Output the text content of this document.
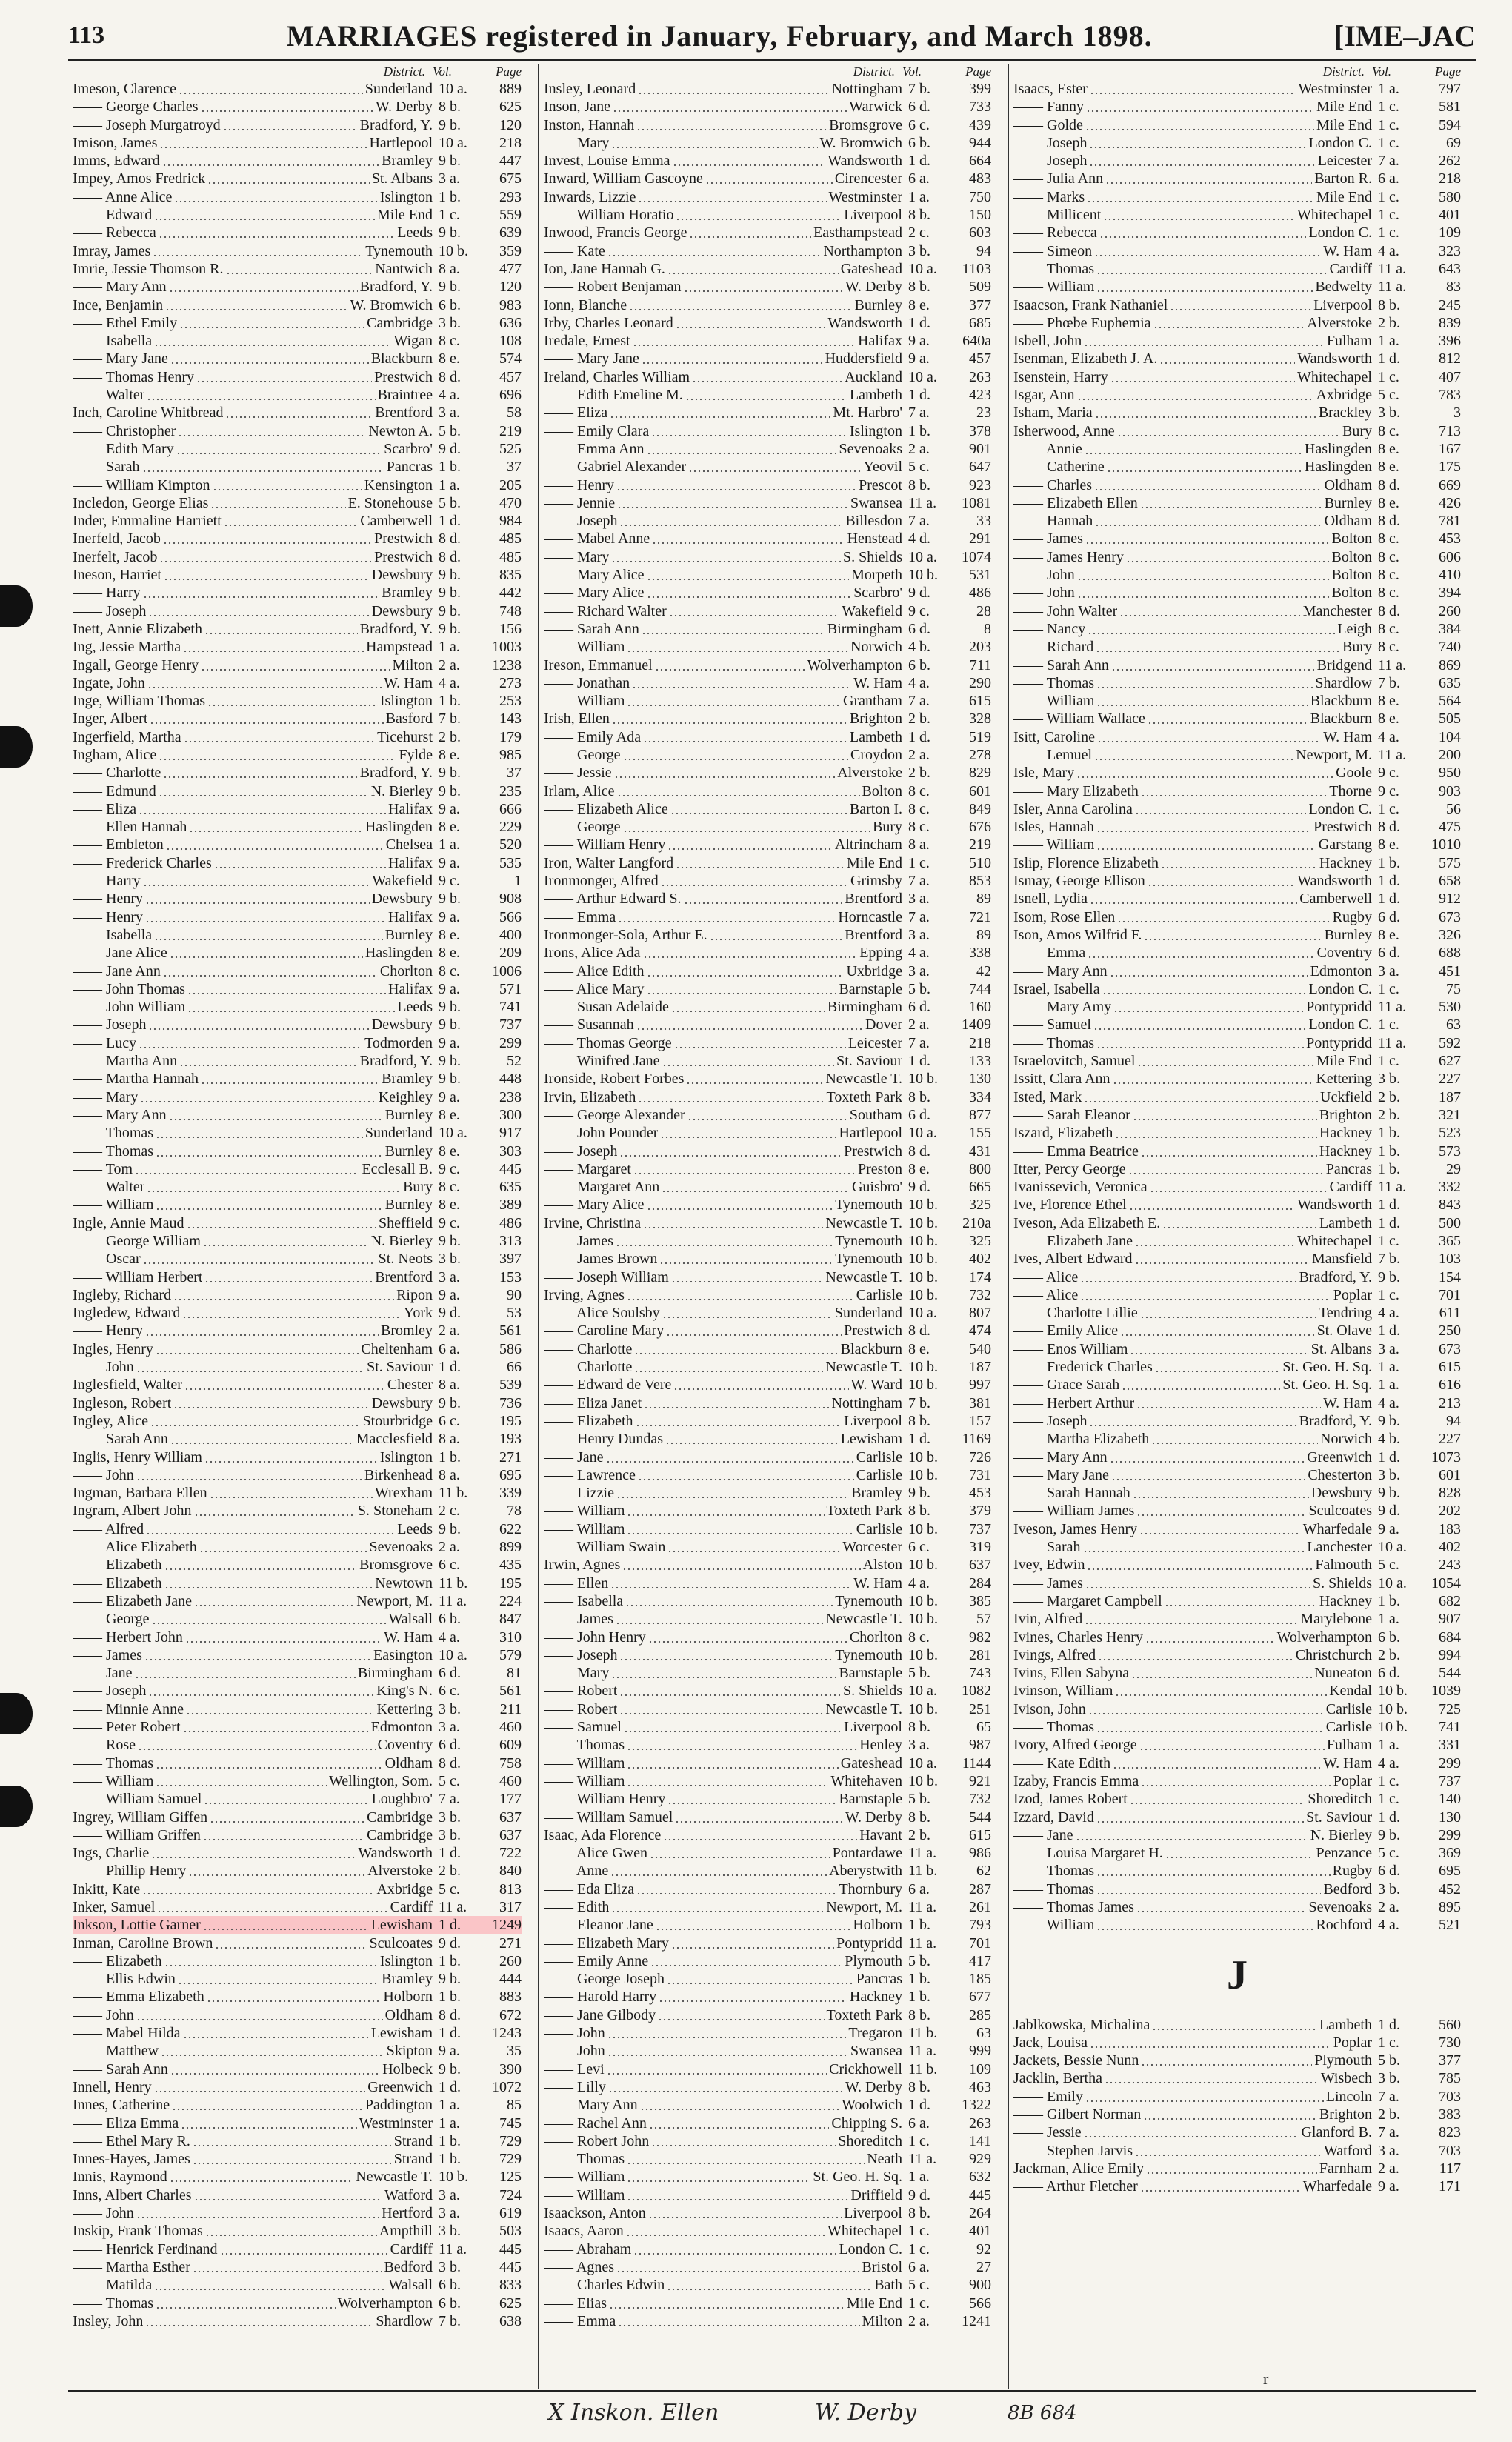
113	MARRIAGES registered in January, February, and March 1898.	[IME–JAC
District. Vol.	Page
Imeson, Clarence	Sunderland 10 a.	889
—— George Charles	W. Derby 8 b.	625
—— Joseph Murgatroyd	Bradford, Y. 9 b.	120
Imison, James	Hartlepool 10 a.	218
Imms, Edward	Bramley 9 b.	447
Impey, Amos Fredrick	St. Albans 3 a.	675
—— Anne Alice	Islington 1 b.	293
—— Edward	Mile End 1 c.	559
—— Rebecca	Leeds 9 b.	639
Imray, James	Tynemouth 10 b.	359
Imrie, Jessie Thomson R.	Nantwich 8 a.	477
—— Mary Ann	Bradford, Y. 9 b.	120
Ince, Benjamin	W. Bromwich 6 b.	983
—— Ethel Emily	Cambridge 3 b.	636
—— Isabella	Wigan 8 c.	108
—— Mary Jane	Blackburn 8 e.	574
—— Thomas Henry	Prestwich 8 d.	457
—— Walter	Braintree 4 a.	696
Inch, Caroline Whitbread	Brentford 3 a.	58
—— Christopher	Newton A. 5 b.	219
—— Edith Mary	Scarbro' 9 d.	525
—— Sarah	Pancras 1 b.	37
—— William Kimpton	Kensington 1 a.	205
Incledon, George Elias	E. Stonehouse 5 b.	470
Inder, Emmaline Harriett	Camberwell 1 d.	984
Inerfeld, Jacob	Prestwich 8 d.	485
Inerfelt, Jacob	Prestwich 8 d.	485
Ineson, Harriet	Dewsbury 9 b.	835
—— Harry	Bramley 9 b.	442
—— Joseph	Dewsbury 9 b.	748
Inett, Annie Elizabeth	Bradford, Y. 9 b.	156
Ing, Jessie Martha	Hampstead 1 a.	1003
Ingall, George Henry	Milton 2 a.	1238
Ingate, John	W. Ham 4 a.	273
Inge, William Thomas	Islington 1 b.	253
Inger, Albert	Basford 7 b.	143
Ingerfield, Martha	Ticehurst 2 b.	179
Ingham, Alice	Fylde 8 e.	985
—— Charlotte	Bradford, Y. 9 b.	37
—— Edmund	N. Bierley 9 b.	235
—— Eliza	Halifax 9 a.	666
—— Ellen Hannah	Haslingden 8 e.	229
—— Embleton	Chelsea 1 a.	520
—— Frederick Charles	Halifax 9 a.	535
—— Harry	Wakefield 9 c.	1
—— Henry	Dewsbury 9 b.	908
—— Henry	Halifax 9 a.	566
—— Isabella	Burnley 8 e.	400
—— Jane Alice	Haslingden 8 e.	209
—— Jane Ann	Chorlton 8 c.	1006
—— John Thomas	Halifax 9 a.	571
—— John William	Leeds 9 b.	741
—— Joseph	Dewsbury 9 b.	737
—— Lucy	Todmorden 9 a.	299
—— Martha Ann	Bradford, Y. 9 b.	52
—— Martha Hannah	Bramley 9 b.	448
—— Mary	Keighley 9 a.	238
—— Mary Ann	Burnley 8 e.	300
—— Thomas	Sunderland 10 a.	917
—— Thomas	Burnley 8 e.	303
—— Tom	Ecclesall B. 9 c.	445
—— Walter	Bury 8 c.	635
—— William	Burnley 8 e.	389
Ingle, Annie Maud	Sheffield 9 c.	486
—— George William	N. Bierley 9 b.	313
—— Oscar	St. Neots 3 b.	397
—— William Herbert	Brentford 3 a.	153
Ingleby, Richard	Ripon 9 a.	90
Ingledew, Edward	York 9 d.	53
—— Henry	Bromley 2 a.	561
Ingles, Henry	Cheltenham 6 a.	586
—— John	St. Saviour 1 d.	66
Inglesfield, Walter	Chester 8 a.	539
Ingleson, Robert	Dewsbury 9 b.	736
Ingley, Alice	Stourbridge 6 c.	195
—— Sarah Ann	Macclesfield 8 a.	193
Inglis, Henry William	Islington 1 b.	271
—— John	Birkenhead 8 a.	695
Ingman, Barbara Ellen	Wrexham 11 b.	339
Ingram, Albert John	S. Stoneham 2 c.	78
—— Alfred	Leeds 9 b.	622
—— Alice Elizabeth	Sevenoaks 2 a.	899
—— Elizabeth	Bromsgrove 6 c.	435
—— Elizabeth	Newtown 11 b.	195
—— Elizabeth Jane	Newport, M. 11 a.	224
—— George	Walsall 6 b.	847
—— Herbert John	W. Ham 4 a.	310
—— James	Easington 10 a.	579
—— Jane	Birmingham 6 d.	81
—— Joseph	King's N. 6 c.	561
—— Minnie Anne	Kettering 3 b.	211
—— Peter Robert	Edmonton 3 a.	460
—— Rose	Coventry 6 d.	609
—— Thomas	Oldham 8 d.	758
—— William	Wellington, Som. 5 c.	460
—— William Samuel	Loughbro' 7 a.	177
Ingrey, William Giffen	Cambridge 3 b.	637
—— William Griffen	Cambridge 3 b.	637
Ings, Charlie	Wandsworth 1 d.	722
—— Phillip Henry	Alverstoke 2 b.	840
Inkitt, Kate	Axbridge 5 c.	813
Inker, Samuel	Cardiff 11 a.	317
Inkson, Lottie Garner	Lewisham 1 d.	1249
Inman, Caroline Brown	Sculcoates 9 d.	271
—— Elizabeth	Islington 1 b.	260
—— Ellis Edwin	Bramley 9 b.	444
—— Emma Elizabeth	Holborn 1 b.	883
—— John	Oldham 8 d.	672
—— Mabel Hilda	Lewisham 1 d.	1243
—— Matthew	Skipton 9 a.	35
—— Sarah Ann	Holbeck 9 b.	390
Innell, Henry	Greenwich 1 d.	1072
Innes, Catherine	Paddington 1 a.	85
—— Eliza Emma	Westminster 1 a.	745
—— Ethel Mary R.	Strand 1 b.	729
Innes-Hayes, James	Strand 1 b.	729
Innis, Raymond	Newcastle T. 10 b.	125
Inns, Albert Charles	Watford 3 a.	724
—— John	Hertford 3 a.	619
Inskip, Frank Thomas	Ampthill 3 b.	503
—— Henrick Ferdinand	Cardiff 11 a.	445
—— Martha Esther	Bedford 3 b.	445
—— Matilda	Walsall 6 b.	833
—— Thomas	Wolverhampton 6 b.	625
Insley, John	Shardlow 7 b.	638
District. Vol.	Page
Insley, Leonard	Nottingham 7 b.	399
Inson, Jane	Warwick 6 d.	733
Inston, Hannah	Bromsgrove 6 c.	439
—— Mary	W. Bromwich 6 b.	944
Invest, Louise Emma	Wandsworth 1 d.	664
Inward, William Gascoyne	Cirencester 6 a.	483
Inwards, Lizzie	Westminster 1 a.	750
—— William Horatio	Liverpool 8 b.	150
Inwood, Francis George	Easthampstead 2 c.	603
—— Kate	Northampton 3 b.	94
Ion, Jane Hannah G.	Gateshead 10 a.	1103
—— Robert Benjaman	W. Derby 8 b.	509
Ionn, Blanche	Burnley 8 e.	377
Irby, Charles Leonard	Wandsworth 1 d.	685
Iredale, Ernest	Halifax 9 a.	640a
—— Mary Jane	Huddersfield 9 a.	457
Ireland, Charles William	Auckland 10 a.	263
—— Edith Emeline M.	Lambeth 1 d.	423
—— Eliza	Mt. Harbro' 7 a.	23
—— Emily Clara	Islington 1 b.	378
—— Emma Ann	Sevenoaks 2 a.	901
—— Gabriel Alexander	Yeovil 5 c.	647
—— Henry	Prescot 8 b.	923
—— Jennie	Swansea 11 a.	1081
—— Joseph	Billesdon 7 a.	33
—— Mabel Anne	Henstead 4 d.	291
—— Mary	S. Shields 10 a.	1074
—— Mary Alice	Morpeth 10 b.	531
—— Mary Alice	Scarbro' 9 d.	486
—— Richard Walter	Wakefield 9 c.	28
—— Sarah Ann	Birmingham 6 d.	8
—— William	Norwich 4 b.	203
Ireson, Emmanuel	Wolverhampton 6 b.	711
—— Jonathan	W. Ham 4 a.	290
—— William	Grantham 7 a.	615
Irish, Ellen	Brighton 2 b.	328
—— Emily Ada	Lambeth 1 d.	519
—— George	Croydon 2 a.	278
—— Jessie	Alverstoke 2 b.	829
Irlam, Alice	Bolton 8 c.	601
—— Elizabeth Alice	Barton I. 8 c.	849
—— George	Bury 8 c.	676
—— William Henry	Altrincham 8 a.	219
Iron, Walter Langford	Mile End 1 c.	510
Ironmonger, Alfred	Grimsby 7 a.	853
—— Arthur Edward S.	Brentford 3 a.	89
—— Emma	Horncastle 7 a.	721
Ironmonger-Sola, Arthur E.	Brentford 3 a.	89
Irons, Alice Ada	Epping 4 a.	338
—— Alice Edith	Uxbridge 3 a.	42
—— Alice Mary	Barnstaple 5 b.	744
—— Susan Adelaide	Birmingham 6 d.	160
—— Susannah	Dover 2 a.	1409
—— Thomas George	Leicester 7 a.	218
—— Winifred Jane	St. Saviour 1 d.	133
Ironside, Robert Forbes	Newcastle T. 10 b.	130
Irvin, Elizabeth	Toxteth Park 8 b.	334
—— George Alexander	Southam 6 d.	877
—— John Pounder	Hartlepool 10 a.	155
—— Joseph	Prestwich 8 d.	431
—— Margaret	Preston 8 e.	800
—— Margaret Ann	Guisbro' 9 d.	665
—— Mary Alice	Tynemouth 10 b.	325
Irvine, Christina	Newcastle T. 10 b.	210a
—— James	Tynemouth 10 b.	325
—— James Brown	Tynemouth 10 b.	402
—— Joseph William	Newcastle T. 10 b.	174
Irving, Agnes	Carlisle 10 b.	732
—— Alice Soulsby	Sunderland 10 a.	807
—— Caroline Mary	Prestwich 8 d.	474
—— Charlotte	Blackburn 8 e.	540
—— Charlotte	Newcastle T. 10 b.	187
—— Edward de Vere	W. Ward 10 b.	997
—— Eliza Janet	Nottingham 7 b.	381
—— Elizabeth	Liverpool 8 b.	157
—— Henry Dundas	Lewisham 1 d.	1169
—— Jane	Carlisle 10 b.	726
—— Lawrence	Carlisle 10 b.	731
—— Lizzie	Bramley 9 b.	453
—— William	Toxteth Park 8 b.	379
—— William	Carlisle 10 b.	737
—— William Swain	Worcester 6 c.	319
Irwin, Agnes	Alston 10 b.	637
—— Ellen	W. Ham 4 a.	284
—— Isabella	Tynemouth 10 b.	385
—— James	Newcastle T. 10 b.	57
—— John Henry	Chorlton 8 c.	982
—— Joseph	Tynemouth 10 b.	281
—— Mary	Barnstaple 5 b.	743
—— Robert	S. Shields 10 a.	1082
—— Robert	Newcastle T. 10 b.	251
—— Samuel	Liverpool 8 b.	65
—— Thomas	Henley 3 a.	987
—— William	Gateshead 10 a.	1144
—— William	Whitehaven 10 b.	921
—— William Henry	Barnstaple 5 b.	732
—— William Samuel	W. Derby 8 b.	544
Isaac, Ada Florence	Havant 2 b.	615
—— Alice Gwen	Pontardawe 11 a.	986
—— Anne	Aberystwith 11 b.	62
—— Eda Eliza	Thornbury 6 a.	287
—— Edith	Newport, M. 11 a.	261
—— Eleanor Jane	Holborn 1 b.	793
—— Elizabeth Mary	Pontypridd 11 a.	701
—— Emily Anne	Plymouth 5 b.	417
—— George Joseph	Pancras 1 b.	185
—— Harold Harry	Hackney 1 b.	677
—— Jane Gilbody	Toxteth Park 8 b.	285
—— John	Tregaron 11 b.	63
—— John	Swansea 11 a.	999
—— Levi	Crickhowell 11 b.	109
—— Lilly	W. Derby 8 b.	463
—— Mary Ann	Woolwich 1 d.	1322
—— Rachel Ann	Chipping S. 6 a.	263
—— Robert John	Shoreditch 1 c.	141
—— Thomas	Neath 11 a.	929
—— William	St. Geo. H. Sq. 1 a.	632
—— William	Driffield 9 d.	445
Isaackson, Anton	Liverpool 8 b.	264
Isaacs, Aaron	Whitechapel 1 c.	401
—— Abraham	London C. 1 c.	92
—— Agnes	Bristol 6 a.	27
—— Charles Edwin	Bath 5 c.	900
—— Elias	Mile End 1 c.	566
—— Emma	Milton 2 a.	1241
District. Vol.	Page
Isaacs, Ester	Westminster 1 a.	797
—— Fanny	Mile End 1 c.	581
—— Golde	Mile End 1 c.	594
—— Joseph	London C. 1 c.	69
—— Joseph	Leicester 7 a.	262
—— Julia Ann	Barton R. 6 a.	218
—— Marks	Mile End 1 c.	580
—— Millicent	Whitechapel 1 c.	401
—— Rebecca	London C. 1 c.	109
—— Simeon	W. Ham 4 a.	323
—— Thomas	Cardiff 11 a.	643
—— William	Bedwelty 11 a.	83
Isaacson, Frank Nathaniel	Liverpool 8 b.	245
—— Phœbe Euphemia	Alverstoke 2 b.	839
Isbell, John	Fulham 1 a.	396
Isenman, Elizabeth J. A.	Wandsworth 1 d.	812
Isenstein, Harry	Whitechapel 1 c.	407
Isgar, Ann	Axbridge 5 c.	783
Isham, Maria	Brackley 3 b.	3
Isherwood, Anne	Bury 8 c.	713
—— Annie	Haslingden 8 e.	167
—— Catherine	Haslingden 8 e.	175
—— Charles	Oldham 8 d.	669
—— Elizabeth Ellen	Burnley 8 e.	426
—— Hannah	Oldham 8 d.	781
—— James	Bolton 8 c.	453
—— James Henry	Bolton 8 c.	606
—— John	Bolton 8 c.	410
—— John	Bolton 8 c.	394
—— John Walter	Manchester 8 d.	260
—— Nancy	Leigh 8 c.	384
—— Richard	Bury 8 c.	740
—— Sarah Ann	Bridgend 11 a.	869
—— Thomas	Shardlow 7 b.	635
—— William	Blackburn 8 e.	564
—— William Wallace	Blackburn 8 e.	505
Isitt, Caroline	W. Ham 4 a.	104
—— Lemuel	Newport, M. 11 a.	200
Isle, Mary	Goole 9 c.	950
—— Mary Elizabeth	Thorne 9 c.	903
Isler, Anna Carolina	London C. 1 c.	56
Isles, Hannah	Prestwich 8 d.	475
—— William	Garstang 8 e.	1010
Islip, Florence Elizabeth	Hackney 1 b.	575
Ismay, George Ellison	Wandsworth 1 d.	658
Isnell, Lydia	Camberwell 1 d.	912
Isom, Rose Ellen	Rugby 6 d.	673
Ison, Amos Wilfrid F.	Burnley 8 e.	326
—— Emma	Coventry 6 d.	688
—— Mary Ann	Edmonton 3 a.	451
Israel, Isabella	London C. 1 c.	75
—— Mary Amy	Pontypridd 11 a.	530
—— Samuel	London C. 1 c.	63
—— Thomas	Pontypridd 11 a.	592
Israelovitch, Samuel	Mile End 1 c.	627
Issitt, Clara Ann	Kettering 3 b.	227
Isted, Mark	Uckfield 2 b.	187
—— Sarah Eleanor	Brighton 2 b.	321
Iszard, Elizabeth	Hackney 1 b.	523
—— Emma Beatrice	Hackney 1 b.	573
Itter, Percy George	Pancras 1 b.	29
Ivanissevich, Veronica	Cardiff 11 a.	332
Ive, Florence Ethel	Wandsworth 1 d.	843
Iveson, Ada Elizabeth E.	Lambeth 1 d.	500
—— Elizabeth Jane	Whitechapel 1 c.	365
Ives, Albert Edward	Mansfield 7 b.	103
—— Alice	Bradford, Y. 9 b.	154
—— Alice	Poplar 1 c.	701
—— Charlotte Lillie	Tendring 4 a.	611
—— Emily Alice	St. Olave 1 d.	250
—— Enos William	St. Albans 3 a.	673
—— Frederick Charles	St. Geo. H. Sq. 1 a.	615
—— Grace Sarah	St. Geo. H. Sq. 1 a.	616
—— Herbert Arthur	W. Ham 4 a.	213
—— Joseph	Bradford, Y. 9 b.	94
—— Martha Elizabeth	Norwich 4 b.	227
—— Mary Ann	Greenwich 1 d.	1073
—— Mary Jane	Chesterton 3 b.	601
—— Sarah Hannah	Dewsbury 9 b.	828
—— William James	Sculcoates 9 d.	202
Iveson, James Henry	Wharfedale 9 a.	183
—— Sarah	Lanchester 10 a.	402
Ivey, Edwin	Falmouth 5 c.	243
—— James	S. Shields 10 a.	1054
—— Margaret Campbell	Hackney 1 b.	682
Ivin, Alfred	Marylebone 1 a.	907
Ivines, Charles Henry	Wolverhampton 6 b.	684
Ivings, Alfred	Christchurch 2 b.	994
Ivins, Ellen Sabyna	Nuneaton 6 d.	544
Ivinson, William	Kendal 10 b.	1039
Ivison, John	Carlisle 10 b.	725
—— Thomas	Carlisle 10 b.	741
Ivory, Alfred George	Fulham 1 a.	331
—— Kate Edith	W. Ham 4 a.	299
Izaby, Francis Emma	Poplar 1 c.	737
Izod, James Robert	Shoreditch 1 c.	140
Izzard, David	St. Saviour 1 d.	130
—— Jane	N. Bierley 9 b.	299
—— Louisa Margaret H.	Penzance 5 c.	369
—— Thomas	Rugby 6 d.	695
—— Thomas	Bedford 3 b.	452
—— Thomas James	Sevenoaks 2 a.	895
—— William	Rochford 4 a.	521
J
Jablkowska, Michalina	Lambeth 1 d.	560
Jack, Louisa	Poplar 1 c.	730
Jackets, Bessie Nunn	Plymouth 5 b.	377
Jacklin, Bertha	Wisbech 3 b.	785
—— Emily	Lincoln 7 a.	703
—— Gilbert Norman	Brighton 2 b.	383
—— Jessie	Glanford B. 7 a.	823
—— Stephen Jarvis	Watford 3 a.	703
Jackman, Alice Emily	Farnham 2 a.	117
—— Arthur Fletcher	Wharfedale 9 a.	171
r
X Inskon. Ellen	W. Derby	8B 684
